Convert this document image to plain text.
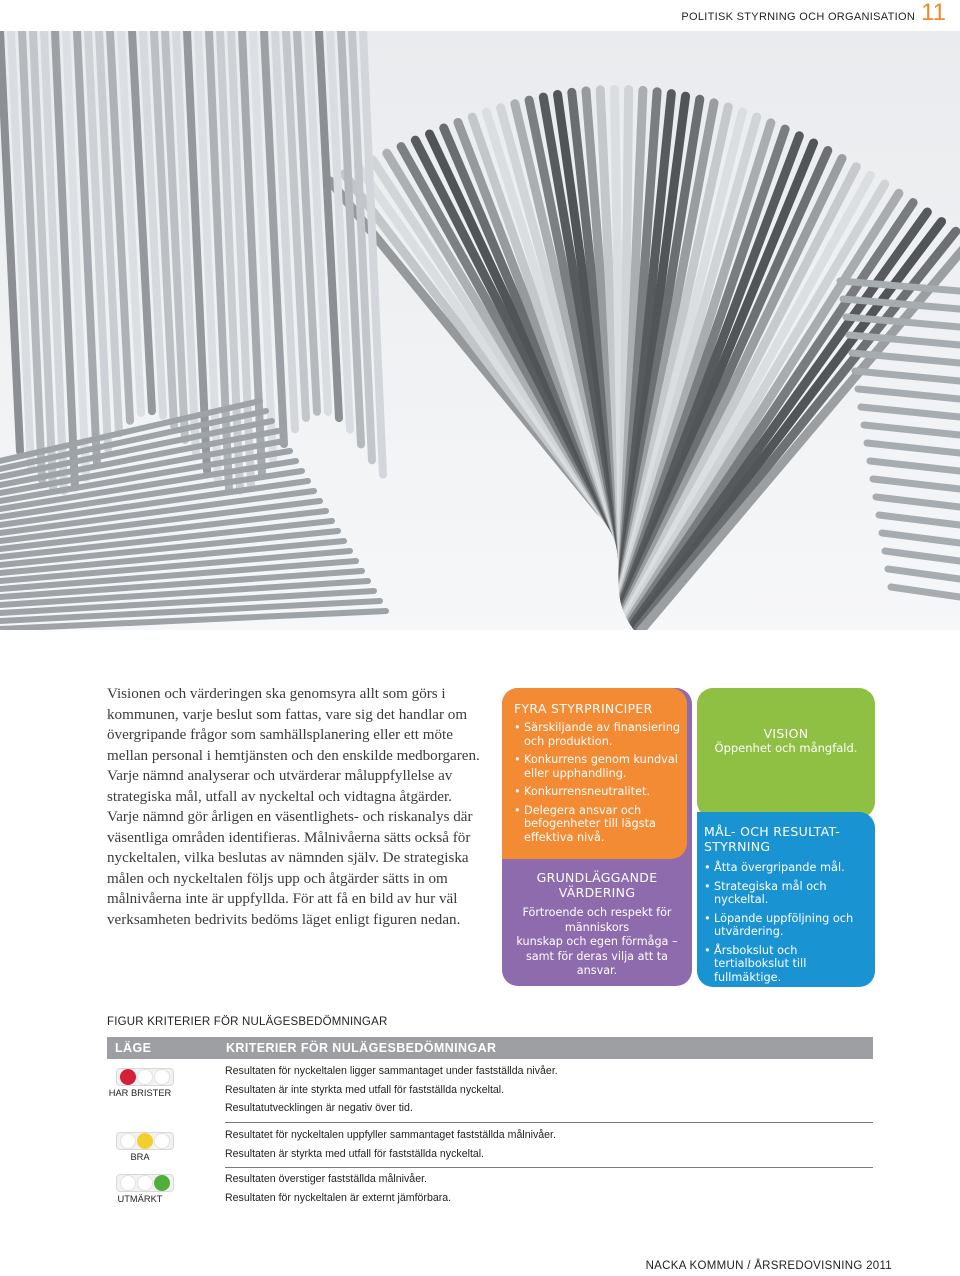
POLITISK STYRNING OCH ORGANISATION 11
Visionen och värderingen ska genomsyra allt som görs i kommunen, varje beslut som fattas, vare sig det handlar om övergripande frågor som samhällsplanering eller ett möte mellan personal i hemtjänsten och den enskilde medborgaren. Varje nämnd analyserar och utvärderar måluppfyllelse av strategiska mål, utfall av nyckeltal och vidtagna åtgärder. Varje nämnd gör årligen en väsentlighets- och riskanalys där väsentliga områden identifieras. Målnivåerna sätts också för nyckeltalen, vilka beslutas av nämnden själv. De strategiska målen och nyckeltalen följs upp och åtgärder sätts in om målnivåerna inte är uppfyllda. För att få en bild av hur väl verksamheten bedrivits bedöms läget enligt figuren nedan.
GRUNDLÄGGANDE VÄRDERING
Förtroende och respekt för
människors
kunskap och egen förmåga –
samt för deras vilja att ta ansvar.
FYRA STYRPRINCIPER
• Särskiljande av finansiering och produktion.
• Konkurrens genom kundval eller upphandling.
• Konkurrensneutralitet.
• Delegera ansvar och befogenheter till lägsta effektiva nivå.
VISION
Öppenhet och mångfald.
MÅL- OCH RESULTAT-STYRNING
• Åtta övergripande mål.
• Strategiska mål och nyckeltal.
• Löpande uppföljning och utvärdering.
• Årsbokslut och tertialbokslut till fullmäktige.
FIGUR KRITERIER FÖR NULÄGESBEDÖMNINGAR
LÄGE	KRITERIER FÖR NULÄGESBEDÖMNINGAR
HAR BRISTER
Resultaten för nyckeltalen ligger sammantaget under fastställda nivåer.
Resultaten är inte styrkta med utfall för fastställda nyckeltal.
Resultatutvecklingen är negativ över tid.
BRA
Resultatet för nyckeltalen uppfyller sammantaget fastställda målnivåer.
Resultaten är styrkta med utfall för fastställda nyckeltal.
UTMÄRKT
Resultaten överstiger fastställda målnivåer.
Resultaten för nyckeltalen är externt jämförbara.
NACKA KOMMUN / ÅRSREDOVISNING 2011
